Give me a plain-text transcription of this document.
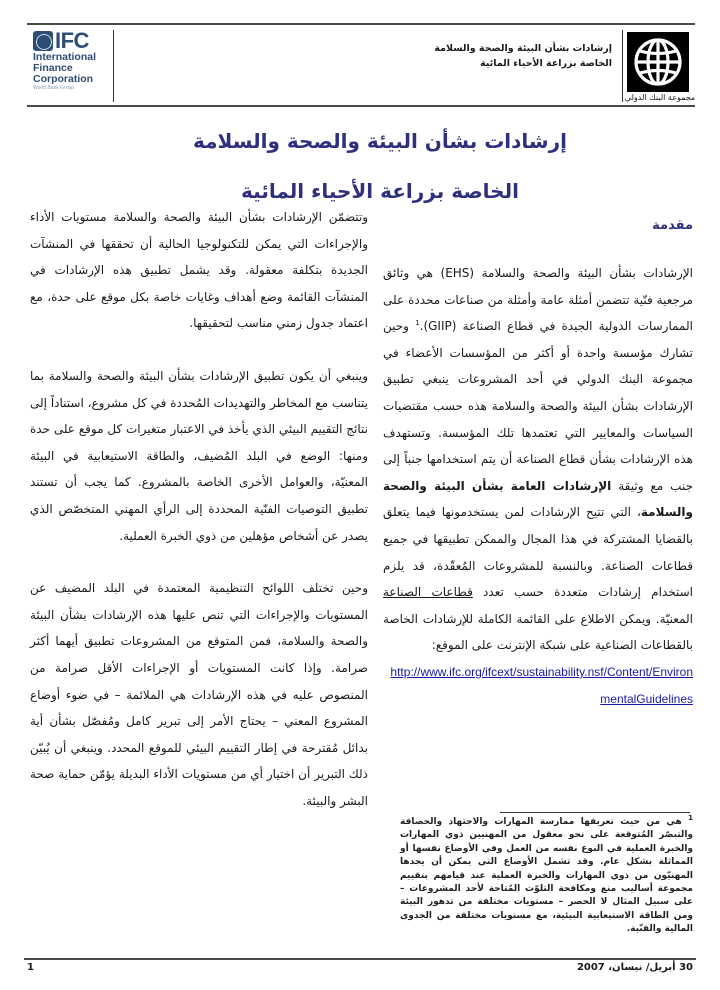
IFC
International
Finance
Corporation
World Bank Group
إرشادات بشأن البيئة والصحة والسلامة
الخاصة بزراعة الأحياء المائية
مجموعة البنك الدولي
إرشادات بشأن البيئة والصحة والسلامة
الخاصة بزراعة الأحياء المائية
مقدمة

الإرشادات بشأن البيئة والصحة والسلامة (EHS) هي وثائق مرجعية فنّية تتضمن أمثلة عامة وأمثلة من صناعات محددة على الممارسات الدولية الجيدة في قطاع الصناعة (GIIP).$^1$ وحين تشارك مؤسسة واحدة أو أكثر من المؤسسات الأعضاء في مجموعة البنك الدولي في أحد المشروعات ينبغي تطبيق الإرشادات بشأن البيئة والصحة والسلامة هذه حسب مقتضيات السياسات والمعايير التي تعتمدها تلك المؤسسة. وتستهدف هذه الإرشادات بشأن قطاع الصناعة أن يتم استخدامها جنباً إلى جنب مع وثيقة الإرشادات العامة بشأن البيئة والصحة والسلامة، التي تتيح الإرشادات لمن يستخدمونها فيما يتعلق بالقضايا المشتركة في هذا المجال والممكن تطبيقها في جميع قطاعات الصناعة. وبالنسبة للمشروعات المُعقّدة، قد يلزم استخدام إرشادات متعددة حسب تعدد قطاعات الصناعة المعنيّة. ويمكن الاطلاع على القائمة الكاملة للإرشادات الخاصة بالقطاعات الصناعية على شبكة الإنترنت على الموقع:

http://www.ifc.org/ifcext/sustainability.nsf/Content/EnvironmentalGuidelines

وتتضمّن الإرشادات بشأن البيئة والصحة والسلامة مستويات الأداء والإجراءات التي يمكن للتكنولوجيا الحالية أن تحققها في المنشآت الجديدة بتكلفة معقولة. وقد يشمل تطبيق هذه الإرشادات في المنشآت القائمة وضع أهداف وغايات خاصة بكل موقع على حدة، مع اعتماد جدول زمني مناسب لتحقيقها.

وينبغي أن يكون تطبيق الإرشادات بشأن البيئة والصحة والسلامة بما يتناسب مع المخاطر والتهديدات المُحددة في كل مشروع، استناداً إلى نتائج التقييم البيئي الذي يأخذ في الاعتبار متغيرات كل موقع على حدة ومنها: الوضع في البلد المُضيف، والطاقة الاستيعابية في البيئة المعنيّة، والعوامل الأخرى الخاصة بالمشروع. كما يجب أن تستند تطبيق التوصيات الفنّية المحددة إلى الرأي المهني المتخصّص الذي يصدر عن أشخاص مؤهلين من ذوي الخبرة العملية.

وحين تختلف اللوائح التنظيمية المعتمدة في البلد المضيف عن المستويات والإجراءات التي تنص عليها هذه الإرشادات بشأن البيئة والصحة والسلامة، فمن المتوقع من المشروعات تطبيق أيهما أكثر صرامة. وإذا كانت المستويات أو الإجراءات الأقل صرامة من المنصوص عليه في هذه الإرشادات هي الملائمة – في ضوء أوضاع المشروع المعني – يحتاج الأمر إلى تبرير كامل ومُفصّل بشأن أية بدائل مُقترحة في إطار التقييم البيئي للموقع المحدد. وينبغي أن يُبيّن ذلك التبرير أن اختيار أي من مستويات الأداء البديلة يؤمّن حماية صحة البشر والبيئة.

$^1$ هي من حيث تعريفها ممارسة المهارات والاجتهاد والحصافة والتبصّر المُتوقعة على نحو معقول من المهنيين ذوي المهارات والخبرة العملية في النوع نفسه من العمل وفي الأوضاع نفسها أو المماثلة بشكل عام. وقد تشمل الأوضاع التي يمكن أن يجدها المهنيّون من ذوي المهارات والخبرة العملية عند قيامهم بتقييم مجموعة أساليب منع ومكافحة التلوّث المُتاحة لأحد المشروعات – على سبيل المثال لا الحصر – مستويات مختلفة من تدهور البيئة ومن الطاقة الاستيعابية البيئية، مع مستويات مختلفة من الجدوى المالية والفنّية.
30 أبريل/ نيسان، 2007
1
